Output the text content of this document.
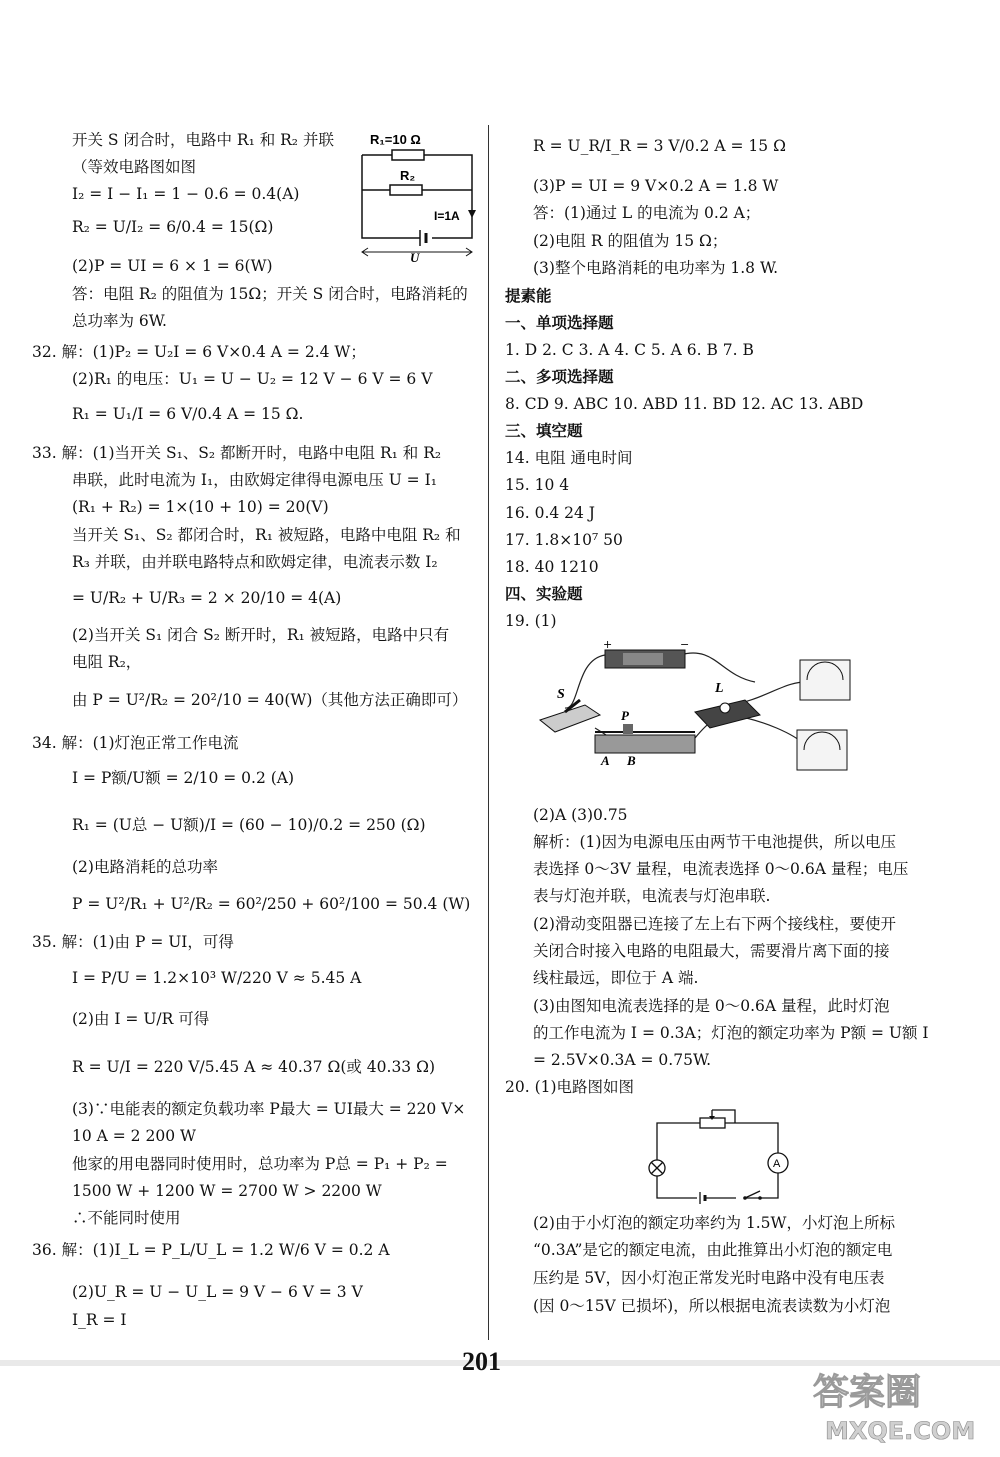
开关 S 闭合时，电路中 R₁ 和 R₂ 并联
（等效电路图如图
I₂ = I − I₁ = 1 − 0.6 = 0.4(A)
R₂ = U/I₂ = 6/0.4 = 15(Ω)
(2)P = UI = 6 × 1 = 6(W)
答：电阻 R₂ 的阻值为 15Ω；开关 S 闭合时，电路消耗的
总功率为 6W.
32. 解：(1)P₂ = U₂I = 6 V×0.4 A = 2.4 W；
(2)R₁ 的电压：U₁ = U − U₂ = 12 V − 6 V = 6 V
R₁ = U₁/I = 6 V/0.4 A = 15 Ω.
33. 解：(1)当开关 S₁、S₂ 都断开时，电路中电阻 R₁ 和 R₂
串联，此时电流为 I₁，由欧姆定律得电源电压 U = I₁
(R₁ + R₂) = 1×(10 + 10) = 20(V)
当开关 S₁、S₂ 都闭合时，R₁ 被短路，电路中电阻 R₂ 和
R₃ 并联，由并联电路特点和欧姆定律，电流表示数 I₂
= U/R₂ + U/R₃ = 2 × 20/10 = 4(A)
(2)当开关 S₁ 闭合 S₂ 断开时，R₁ 被短路，电路中只有
电阻 R₂，
由 P = U²/R₂ = 20²/10 = 40(W)（其他方法正确即可）
34. 解：(1)灯泡正常工作电流
I = P额/U额 = 2/10 = 0.2 (A)
R₁ = (U总 − U额)/I = (60 − 10)/0.2 = 250 (Ω)
(2)电路消耗的总功率
P = U²/R₁ + U²/R₂ = 60²/250 + 60²/100 = 50.4 (W)
35. 解：(1)由 P = UI，可得
I = P/U = 1.2×10³ W/220 V ≈ 5.45 A
(2)由 I = U/R 可得
R = U/I = 220 V/5.45 A ≈ 40.37 Ω(或 40.33 Ω)
(3)∵电能表的额定负载功率 P最大 = UI最大 = 220 V×
10 A = 2 200 W
他家的用电器同时使用时，总功率为 P总 = P₁ + P₂ =
1500 W + 1200 W = 2700 W > 2200 W
∴不能同时使用
36. 解：(1)I_L = P_L/U_L = 1.2 W/6 V = 0.2 A
(2)U_R = U − U_L = 9 V − 6 V = 3 V
I_R = I
R = U_R/I_R = 3 V/0.2 A = 15 Ω
(3)P = UI = 9 V×0.2 A = 1.8 W
答：(1)通过 L 的电流为 0.2 A；
(2)电阻 R 的阻值为 15 Ω；
(3)整个电路消耗的电功率为 1.8 W.
提素能
一、单项选择题
1. D 2. C 3. A 4. C 5. A 6. B 7. B
二、多项选择题
8. CD 9. ABC 10. ABD 11. BD 12. AC 13. ABD
三、填空题
14. 电阻 通电时间
15. 10 4
16. 0.4 24 J
17. 1.8×10⁷ 50
18. 40 1210
四、实验题
19. (1)
(2)A (3)0.75
解析：(1)因为电源电压由两节干电池提供，所以电压
表选择 0～3V 量程，电流表选择 0～0.6A 量程；电压
表与灯泡并联，电流表与灯泡串联.
(2)滑动变阻器已连接了左上右下两个接线柱，要使开
关闭合时接入电路的电阻最大，需要滑片离下面的接
线柱最远，即位于 A 端.
(3)由图知电流表选择的是 0～0.6A 量程，此时灯泡
的工作电流为 I = 0.3A；灯泡的额定功率为 P额 = U额 I
= 2.5V×0.3A = 0.75W.
20. (1)电路图如图
(2)由于小灯泡的额定功率约为 1.5W，小灯泡上所标
“0.3A”是它的额定电流，由此推算出小灯泡的额定电
压约是 5V，因小灯泡正常发光时电路中没有电压表
(因 0～15V 已损坏)，所以根据电流表读数为小灯泡
R₁=10 Ω
R₂
I=1A
U
+	−
S	L
P
A B
A
201
答案圈
MXQE.COM
